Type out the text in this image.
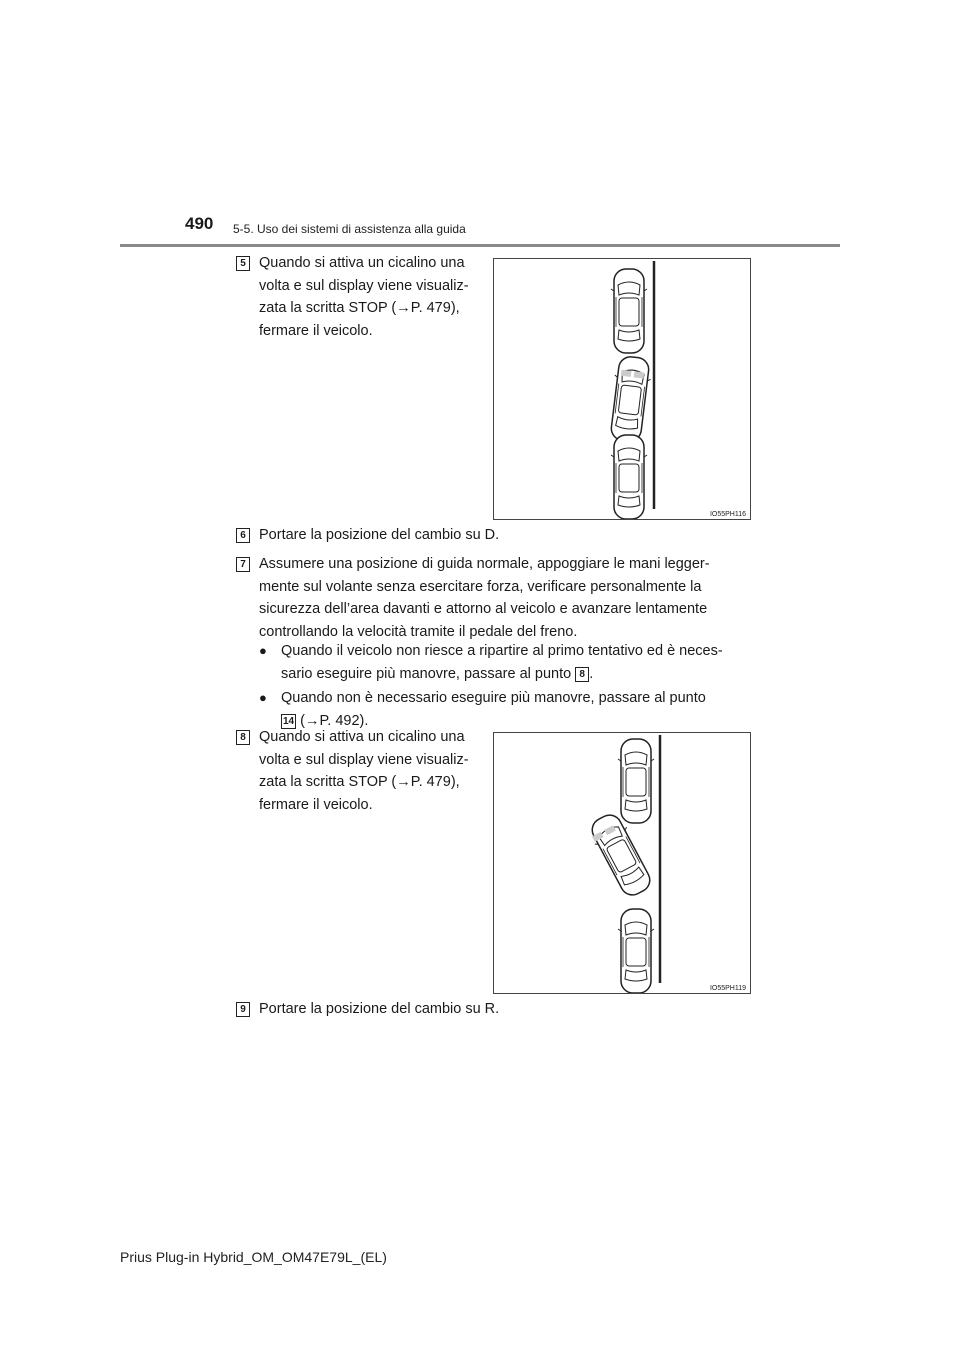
490 5-5. Uso dei sistemi di assistenza alla guida
5 Quando si attiva un cicalino una
volta e sul display viene visualiz-
zata la scritta STOP (→P. 479),
fermare il veicolo.
IO55PH116
6 Portare la posizione del cambio su D.
7 Assumere una posizione di guida normale, appoggiare le mani legger-
mente sul volante senza esercitare forza, verificare personalmente la
sicurezza dell’area davanti e attorno al veicolo e avanzare lentamente
controllando la velocità tramite il pedale del freno.
● Quando il veicolo non riesce a ripartire al primo tentativo ed è neces-
sario eseguire più manovre, passare al punto 8 .
● Quando non è necessario eseguire più manovre, passare al punto
14 (→P. 492).
8 Quando si attiva un cicalino una
volta e sul display viene visualiz-
zata la scritta STOP (→P. 479),
fermare il veicolo.
IO55PH119
9 Portare la posizione del cambio su R.
Prius Plug-in Hybrid_OM_OM47E79L_(EL)
